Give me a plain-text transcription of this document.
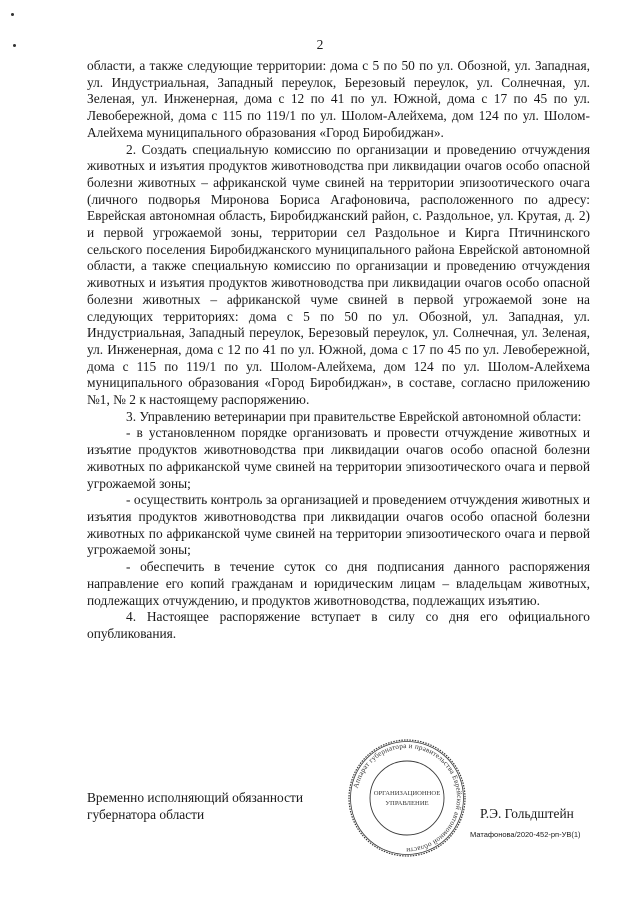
2

области, а также следующие территории: дома с 5 по 50 по ул. Обозной, ул. Западная, ул. Индустриальная, Западный переулок, Березовый переулок, ул. Солнечная, ул. Зеленая, ул. Инженерная, дома с 12 по 41 по ул. Южной, дома с 17 по 45 по ул. Левобережной, дома с 115 по 119/1 по ул. Шолом-Алейхема, дом 124 по ул. Шолом-Алейхема муниципального образования «Город Биробиджан».

2. Создать специальную комиссию по организации и проведению отчуждения животных и изъятия продуктов животноводства при ликвидации очагов особо опасной болезни животных – африканской чуме свиней на территории эпизоотического очага (личного подворья Миронова Бориса Агафоновича, расположенного по адресу: Еврейская автономная область, Биробиджанский район, с. Раздольное, ул. Крутая, д. 2) и первой угрожаемой зоны, территории сел Раздольное и Кирга Птичнинского сельского поселения Биробиджанского муниципального района Еврейской автономной области, а также специальную комиссию по организации и проведению отчуждения животных и изъятия продуктов животноводства при ликвидации очагов особо опасной болезни животных – африканской чуме свиней в первой угрожаемой зоне на следующих территориях: дома с 5 по 50 по ул. Обозной, ул. Западная, ул. Индустриальная, Западный переулок, Березовый переулок, ул. Солнечная, ул. Зеленая, ул. Инженерная, дома с 12 по 41 по ул. Южной, дома с 17 по 45 по ул. Левобережной, дома с 115 по 119/1 по ул. Шолом-Алейхема, дом 124 по ул. Шолом-Алейхема муниципального образования «Город Биробиджан», в составе, согласно приложению №1, № 2 к настоящему распоряжению.

3. Управлению ветеринарии при правительстве Еврейской автономной области:

- в установленном порядке организовать и провести отчуждение животных и изъятие продуктов животноводства при ликвидации очагов особо опасной болезни животных по африканской чуме свиней на территории эпизоотического очага и первой угрожаемой зоны;

- осуществить контроль за организацией и проведением отчуждения животных и изъятия продуктов животноводства при ликвидации очагов особо опасной болезни животных по африканской чуме свиней на территории эпизоотического очага и первой угрожаемой зоны;

- обеспечить в течение суток со дня подписания данного распоряжения направление его копий гражданам и юридическим лицам – владельцам животных, подлежащих отчуждению, и продуктов животноводства, подлежащих изъятию.

4. Настоящее распоряжение вступает в силу со дня его официального опубликования.

Временно исполняющий обязанности
губернатора области
Аппарат губернатора и правительства Еврейской автономной области
ОРГАНИЗАЦИОННОЕ
УПРАВЛЕНИЕ
Р.Э. Гольдштейн
Матафонова/2020-452-рп-УВ(1)
